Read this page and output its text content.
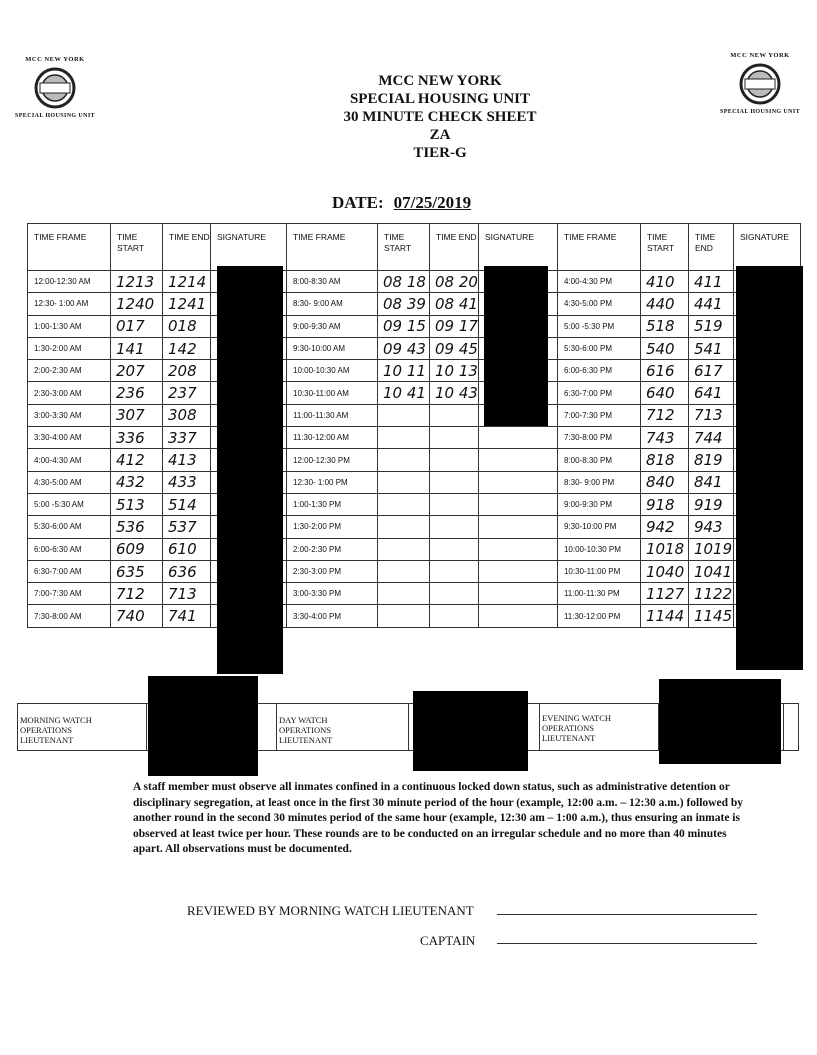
MCC NEW YORK
SPECIAL HOUSING UNIT
MCC NEW YORK
SPECIAL HOUSING UNIT
MCC NEW YORK
SPECIAL HOUSING UNIT
30 MINUTE CHECK SHEET
ZA
TIER-G
DATE: 07/25/2019
TIME FRAME	TIME START	TIME END	SIGNATURE	TIME FRAME	TIME START	TIME END	SIGNATURE	TIME FRAME	TIME START	TIME END	SIGNATURE
12:00-12:30 AM	1213	1214		8:00-8:30 AM	08 18	08 20		4:00-4:30 PM	410	411	
12:30- 1:00 AM	1240	1241		8:30- 9:00 AM	08 39	08 41		4:30-5:00 PM	440	441	
1:00-1:30 AM	017	018		9:00-9:30 AM	09 15	09 17		5:00 -5:30 PM	518	519	
1:30-2:00 AM	141	142		9:30-10:00 AM	09 43	09 45		5:30-6:00 PM	540	541	
2:00-2:30 AM	207	208		10:00-10:30 AM	10 11	10 13		6:00-6:30 PM	616	617	
2:30-3:00 AM	236	237		10:30-11:00 AM	10 41	10 43		6:30-7:00 PM	640	641	
3:00-3:30 AM	307	308		11:00-11:30 AM				7:00-7:30 PM	712	713	
3:30-4:00 AM	336	337		11:30-12:00 AM				7:30-8:00 PM	743	744	
4:00-4:30 AM	412	413		12:00-12:30 PM				8:00-8:30 PM	818	819	
4:30-5:00 AM	432	433		12:30- 1:00 PM				8:30- 9:00 PM	840	841	
5:00 -5:30 AM	513	514		1:00-1:30 PM				9:00-9:30 PM	918	919	
5:30-6:00 AM	536	537		1:30-2:00 PM				9:30-10:00 PM	942	943	
6:00-6:30 AM	609	610		2:00-2:30 PM				10:00-10:30 PM	1018	1019	
6:30-7:00 AM	635	636		2:30-3:00 PM				10:30-11:00 PM	1040	1041	
7:00-7:30 AM	712	713		3:00-3:30 PM				11:00-11:30 PM	1127	1122	
7:30-8:00 AM	740	741		3:30-4:00 PM				11:30-12:00 PM	1144	1145	
MORNING WATCH
OPERATIONS
LIEUTENANT
DAY WATCH
OPERATIONS
LIEUTENANT
EVENING WATCH
OPERATIONS
LIEUTENANT
A staff member must observe all inmates confined in a continuous locked down status, such as administrative detention or disciplinary segregation, at least once in the first 30 minute period of the hour (example, 12:00 a.m. – 12:30 a.m.) followed by another round in the second 30 minutes period of the same hour (example, 12:30 am – 1:00 a.m.), thus ensuring an inmate is observed at least twice per hour. These rounds are to be conducted on an irregular schedule and no more than 40 minutes apart. All observations must be documented.
REVIEWED BY MORNING WATCH LIEUTENANT
CAPTAIN
